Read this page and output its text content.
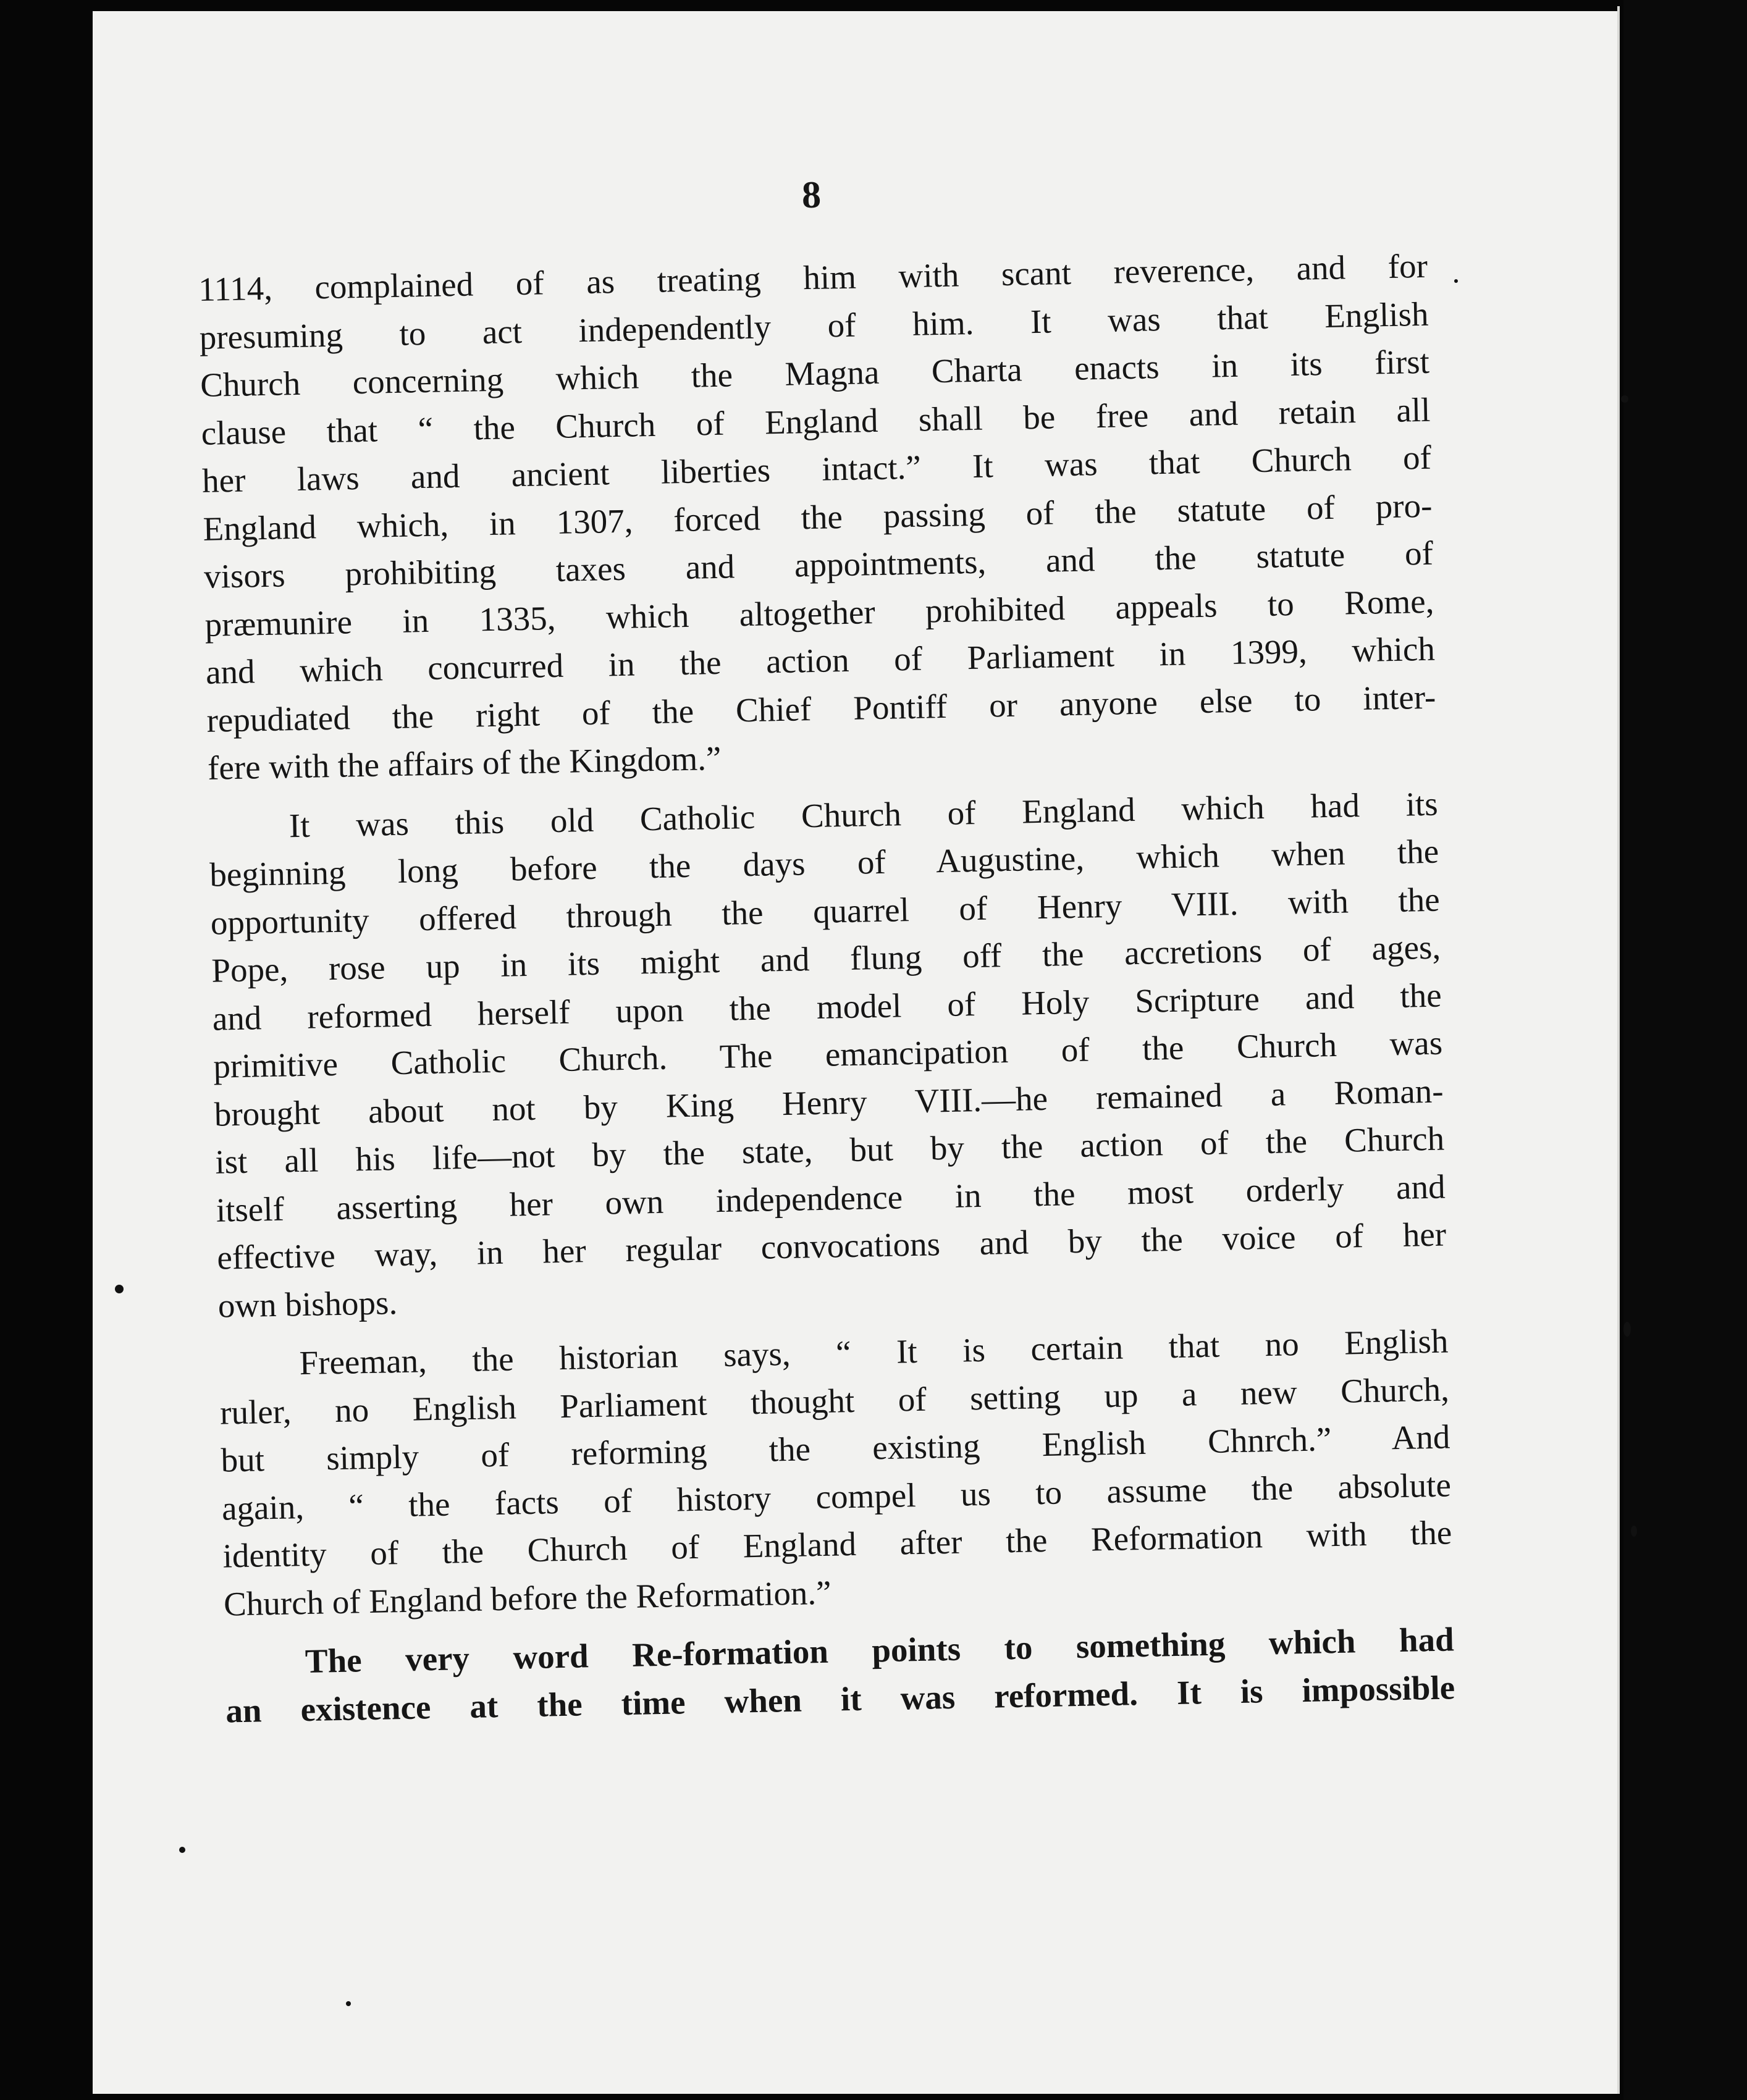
8

1114, complained of as treating him with scant reverence, and for
presuming to act independently of him. It was that English
Church concerning which the Magna Charta enacts in its first
clause that “ the Church of England shall be free and retain all
her laws and ancient liberties intact.” It was that Church of
England which, in 1307, forced the passing of the statute of pro-
visors prohibiting taxes and appointments, and the statute of
præmunire in 1335, which altogether prohibited appeals to Rome,
and which concurred in the action of Parliament in 1399, which
repudiated the right of the Chief Pontiff or anyone else to inter-
fere with the affairs of the Kingdom.”

It was this old Catholic Church of England which had its
beginning long before the days of Augustine, which when the
opportunity offered through the quarrel of Henry VIII. with the
Pope, rose up in its might and flung off the accretions of ages,
and reformed herself upon the model of Holy Scripture and the
primitive Catholic Church. The emancipation of the Church was
brought about not by King Henry VIII.—he remained a Roman-
ist all his life—not by the state, but by the action of the Church
itself asserting her own independence in the most orderly and
effective way, in her regular convocations and by the voice of her
own bishops.

Freeman, the historian says, “ It is certain that no English
ruler, no English Parliament thought of setting up a new Church,
but simply of reforming the existing English Chnrch.” And
again, “ the facts of history compel us to assume the absolute
identity of the Church of England after the Reformation with the
Church of England before the Reformation.”

The very word Re-formation points to something which had
an existence at the time when it was reformed. It is impossible
